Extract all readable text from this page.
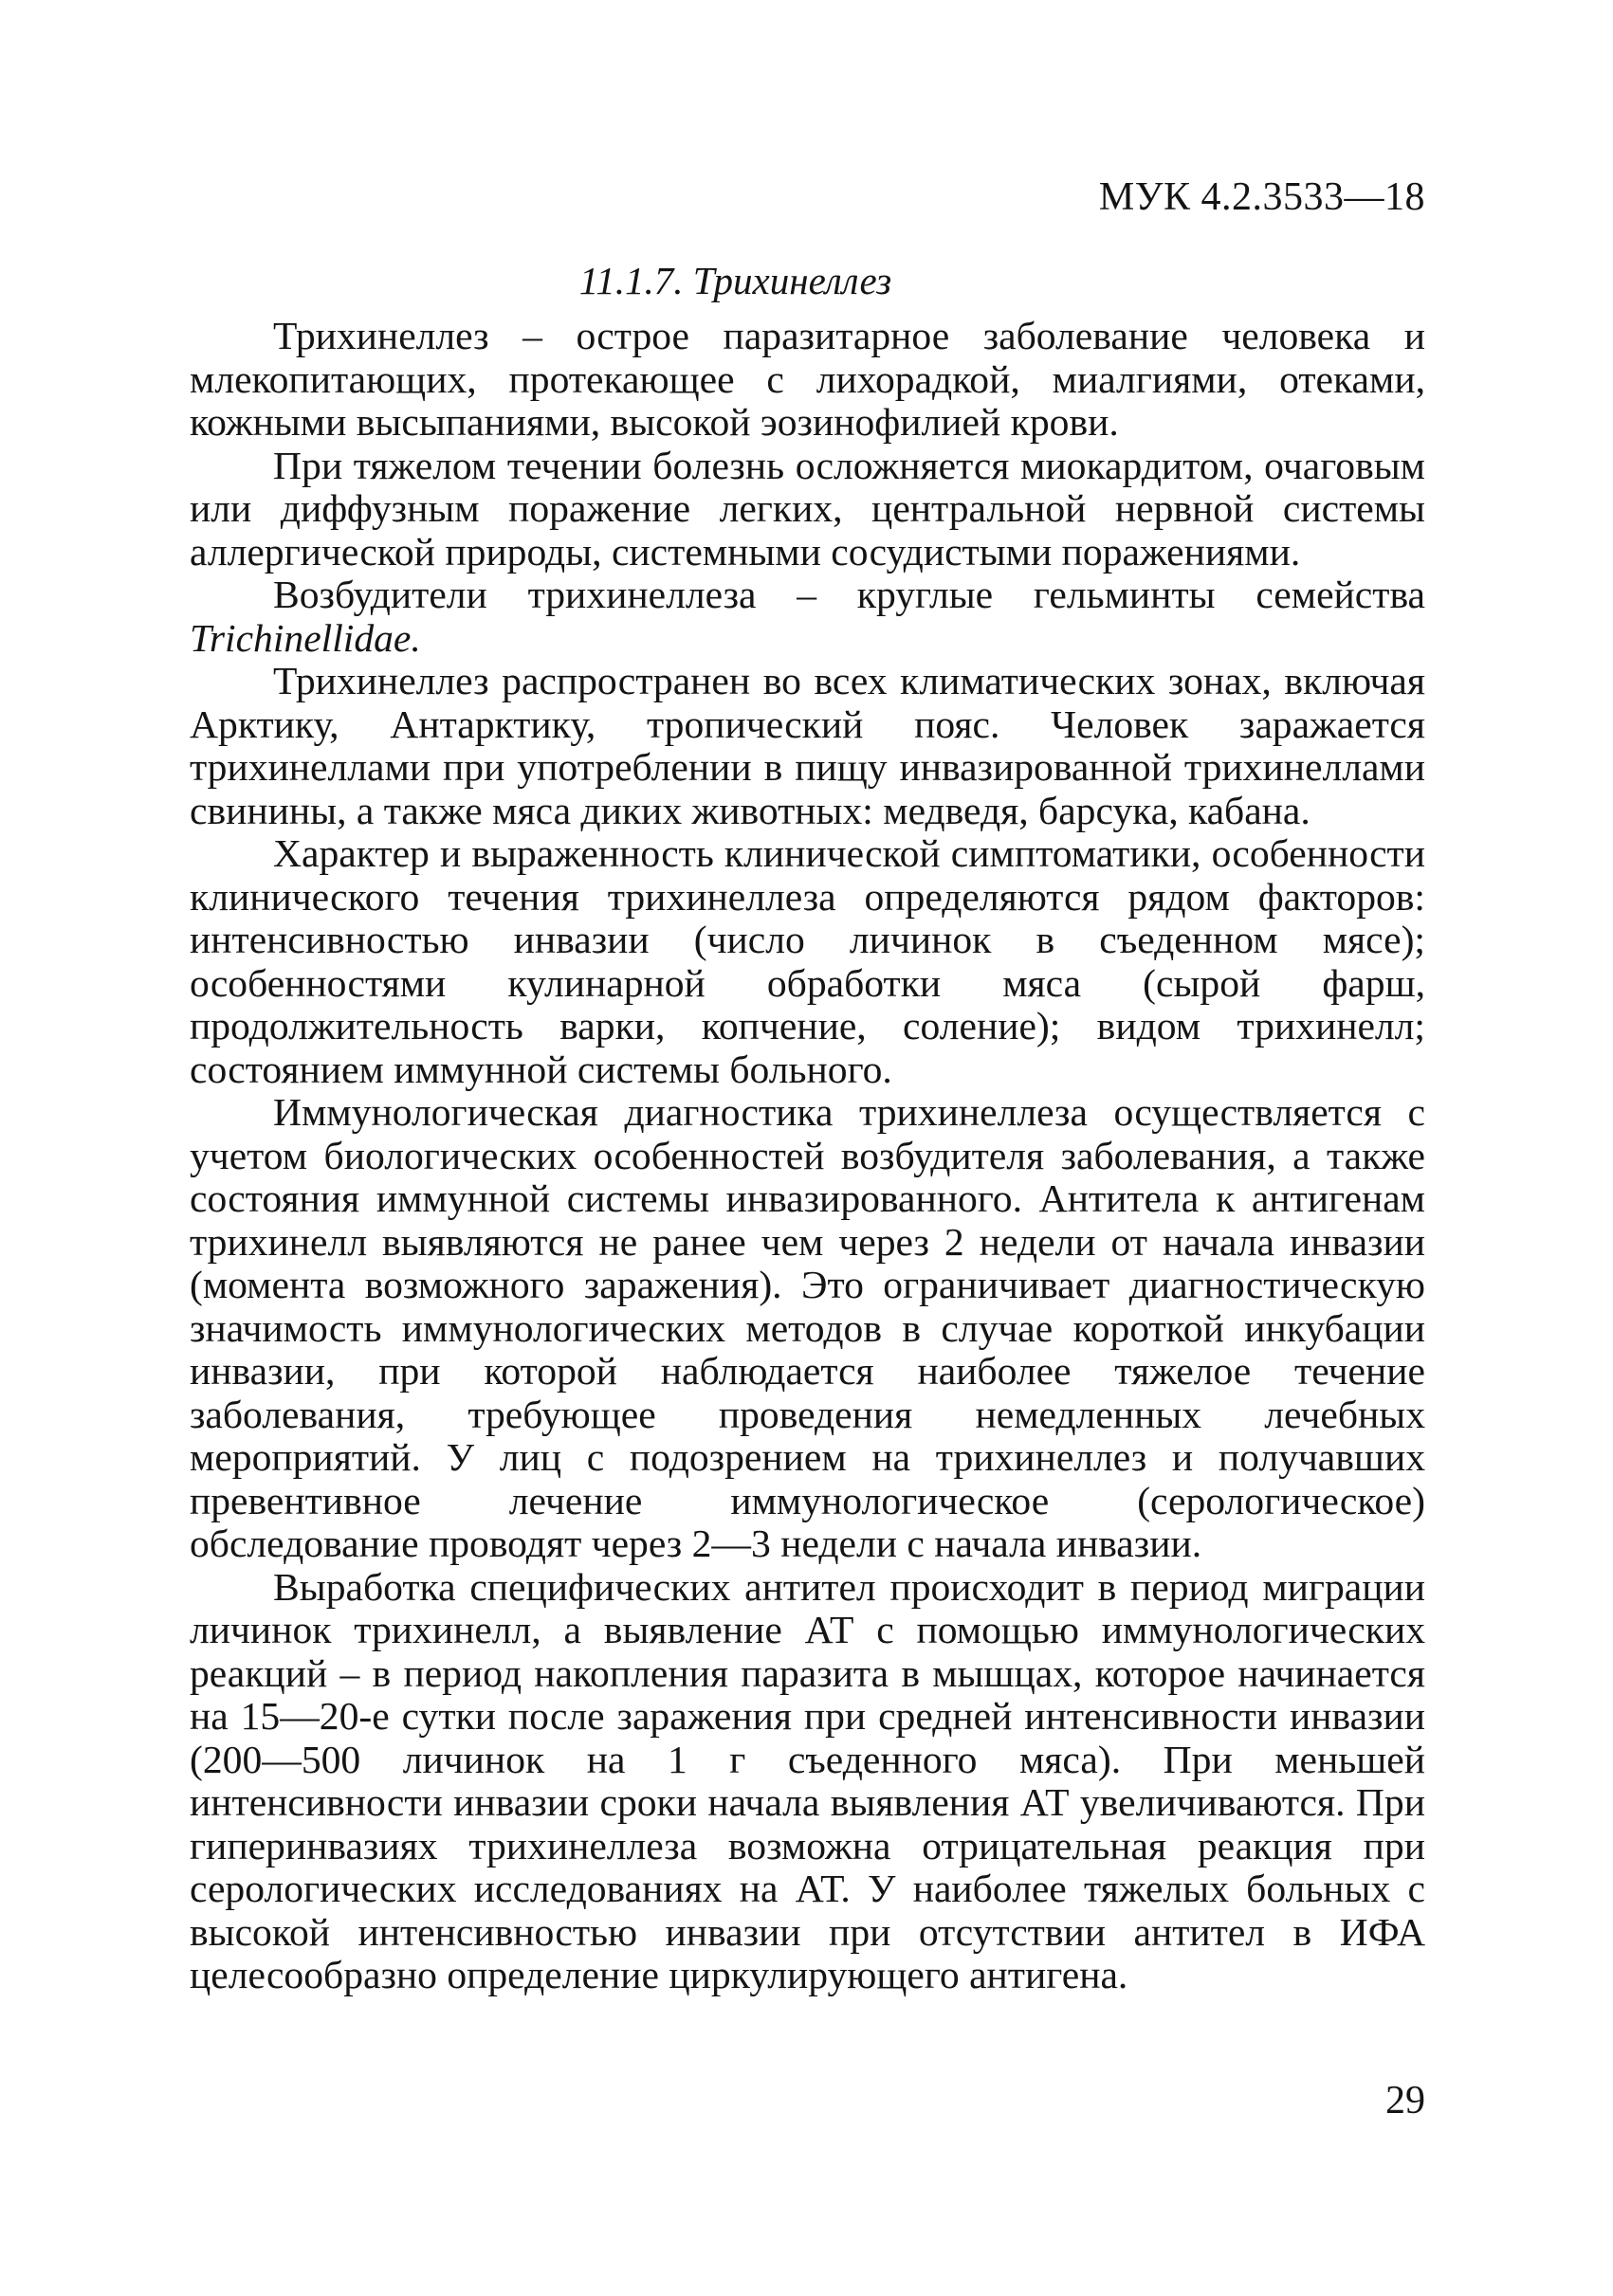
МУК 4.2.3533—18
11.1.7. Трихинеллез

Трихинеллез – острое паразитарное заболевание человека и млекопитающих, протекающее с лихорадкой, миалгиями, отеками, кожными высыпаниями, высокой эозинофилией крови.

При тяжелом течении болезнь осложняется миокардитом, очаговым или диффузным поражение легких, центральной нервной системы аллергической природы, системными сосудистыми поражениями.

Возбудители трихинеллеза – круглые гельминты семейства Trichinellidae.

Трихинеллез распространен во всех климатических зонах, включая Арктику, Антарктику, тропический пояс. Человек заражается трихинеллами при употреблении в пищу инвазированной трихинеллами свинины, а также мяса диких животных: медведя, барсука, кабана.

Характер и выраженность клинической симптоматики, особенности клинического течения трихинеллеза определяются рядом факторов: интенсивностью инвазии (число личинок в съеденном мясе); особенностями кулинарной обработки мяса (сырой фарш, продолжительность варки, копчение, соление); видом трихинелл; состоянием иммунной системы больного.

Иммунологическая диагностика трихинеллеза осуществляется с учетом биологических особенностей возбудителя заболевания, а также состояния иммунной системы инвазированного. Антитела к антигенам трихинелл выявляются не ранее чем через 2 недели от начала инвазии (момента возможного заражения). Это ограничивает диагностическую значимость иммунологических методов в случае короткой инкубации инвазии, при которой наблюдается наиболее тяжелое течение заболевания, требующее проведения немедленных лечебных мероприятий. У лиц с подозрением на трихинеллез и получавших превентивное лечение иммунологическое (серологическое) обследование проводят через 2—3 недели с начала инвазии.

Выработка специфических антител происходит в период миграции личинок трихинелл, а выявление АТ с помощью иммунологических реакций – в период накопления паразита в мышцах, которое начинается на 15—20-е сутки после заражения при средней интенсивности инвазии (200—500 личинок на 1 г съеденного мяса). При меньшей интенсивности инвазии сроки начала выявления АТ увеличиваются. При гиперинвазиях трихинеллеза возможна отрицательная реакция при серологических исследованиях на АТ. У наиболее тяжелых больных с высокой интенсивностью инвазии при отсутствии антител в ИФА целесообразно определение циркулирующего антигена.

29
